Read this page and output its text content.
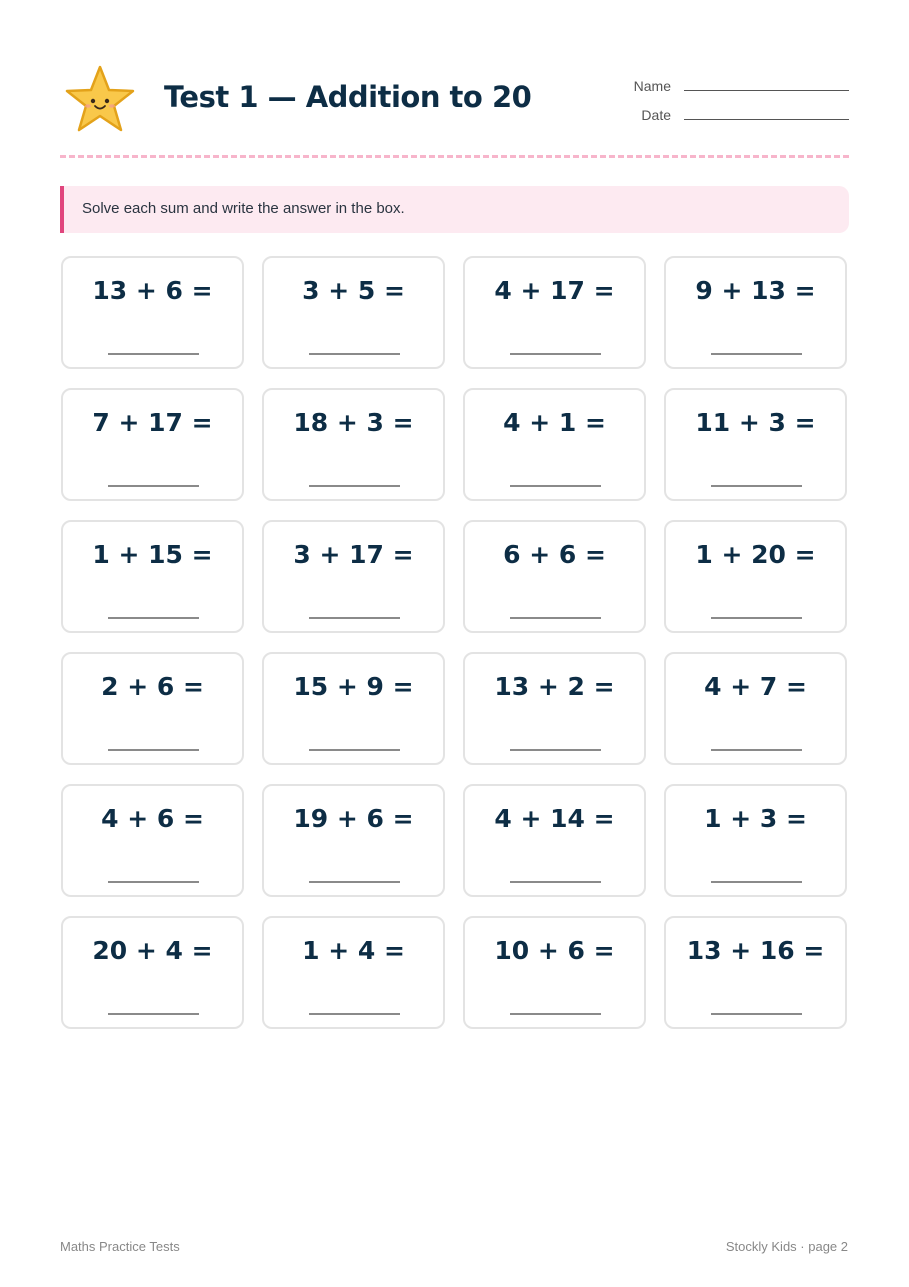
Test 1 — Addition to 20	Name
Date
Solve each sum and write the answer in the box.
13 + 6 =	3 + 5 =	4 + 17 =	9 + 13 =
7 + 17 =	18 + 3 =	4 + 1 =	11 + 3 =
1 + 15 =	3 + 17 =	6 + 6 =	1 + 20 =
2 + 6 =	15 + 9 =	13 + 2 =	4 + 7 =
4 + 6 =	19 + 6 =	4 + 14 =	1 + 3 =
20 + 4 =	1 + 4 =	10 + 6 =	13 + 16 =
Maths Practice Tests	Stockly Kids · page 2
